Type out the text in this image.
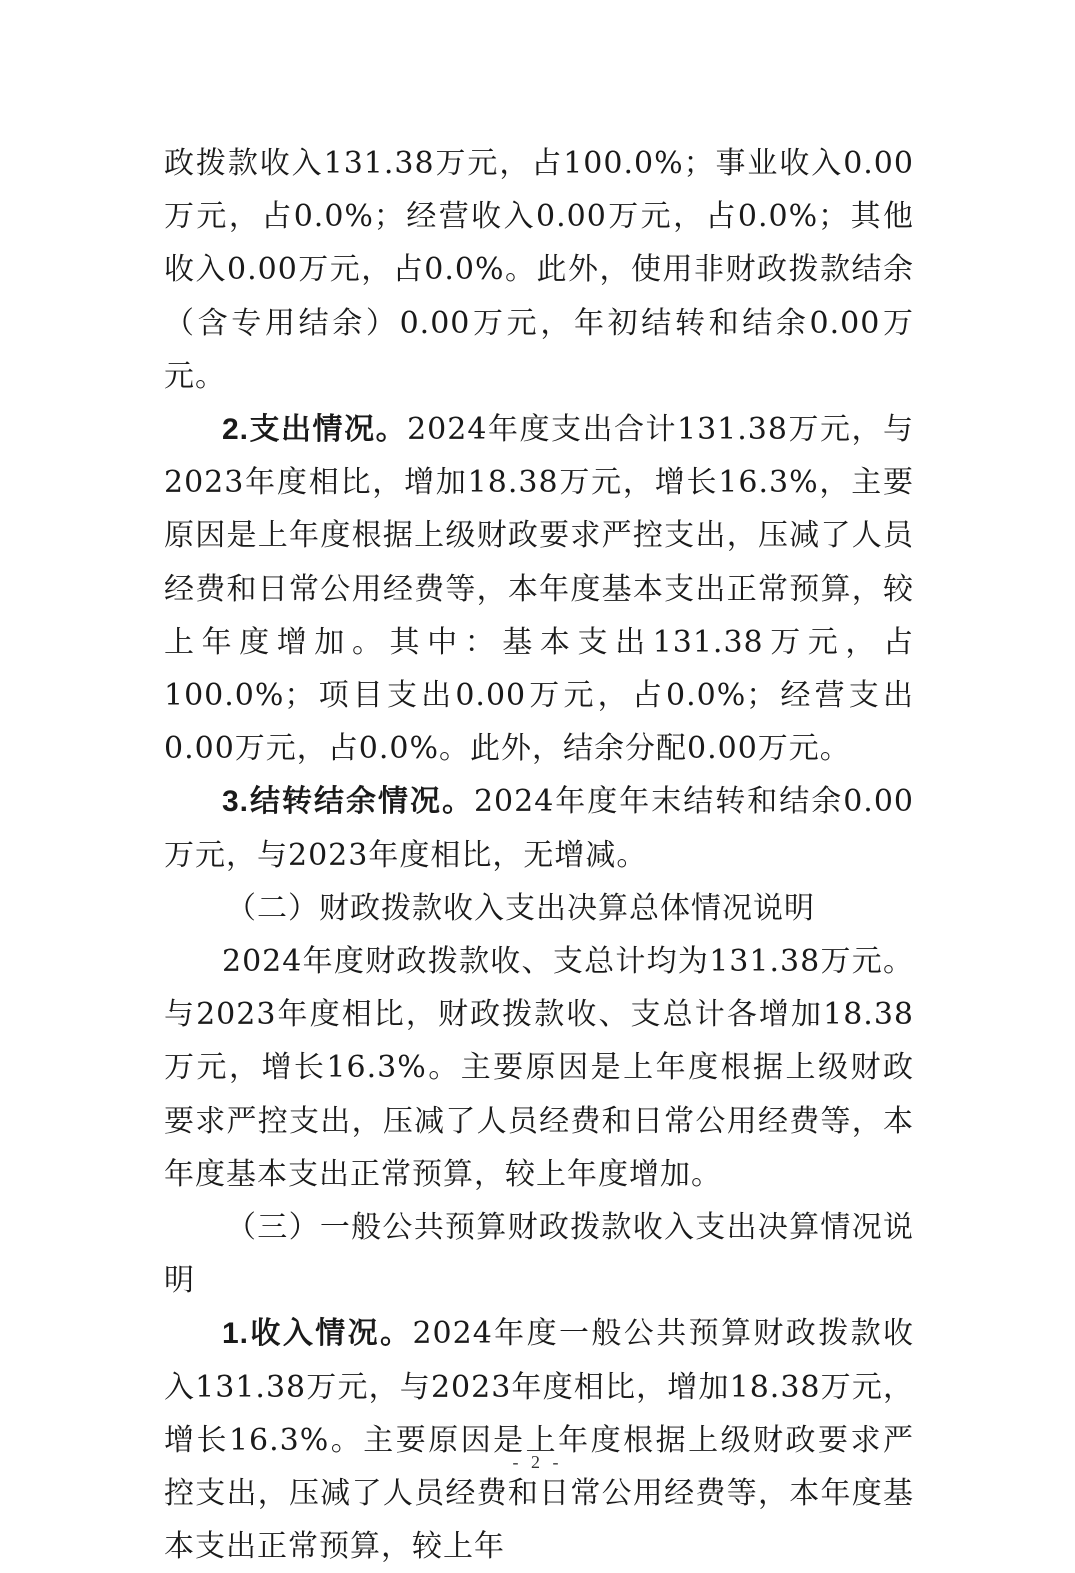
政拨款收入131.38万元，占100.0%；事业收入0.00万元，占0.0%；经营收入0.00万元，占0.0%；其他收入0.00万元，占0.0%。此外，使用非财政拨款结余（含专用结余）0.00万元，年初结转和结余0.00万元。

2.支出情况。2024年度支出合计131.38万元，与2023年度相比，增加18.38万元，增长16.3%，主要原因是上年度根据上级财政要求严控支出，压减了人员经费和日常公用经费等，本年度基本支出正常预算，较上年度增加。其中：基本支出131.38万元，占100.0%；项目支出0.00万元，占0.0%；经营支出0.00万元，占0.0%。此外，结余分配0.00万元。

3.结转结余情况。2024年度年末结转和结余0.00万元，与2023年度相比，无增减。

（二）财政拨款收入支出决算总体情况说明

2024年度财政拨款收、支总计均为131.38万元。与2023年度相比，财政拨款收、支总计各增加18.38万元，增长16.3%。主要原因是上年度根据上级财政要求严控支出，压减了人员经费和日常公用经费等，本年度基本支出正常预算，较上年度增加。

（三）一般公共预算财政拨款收入支出决算情况说明

1.收入情况。2024年度一般公共预算财政拨款收入131.38万元，与2023年度相比，增加18.38万元，增长16.3%。主要原因是上年度根据上级财政要求严控支出，压减了人员经费和日常公用经费等，本年度基本支出正常预算，较上年

- 2 -
